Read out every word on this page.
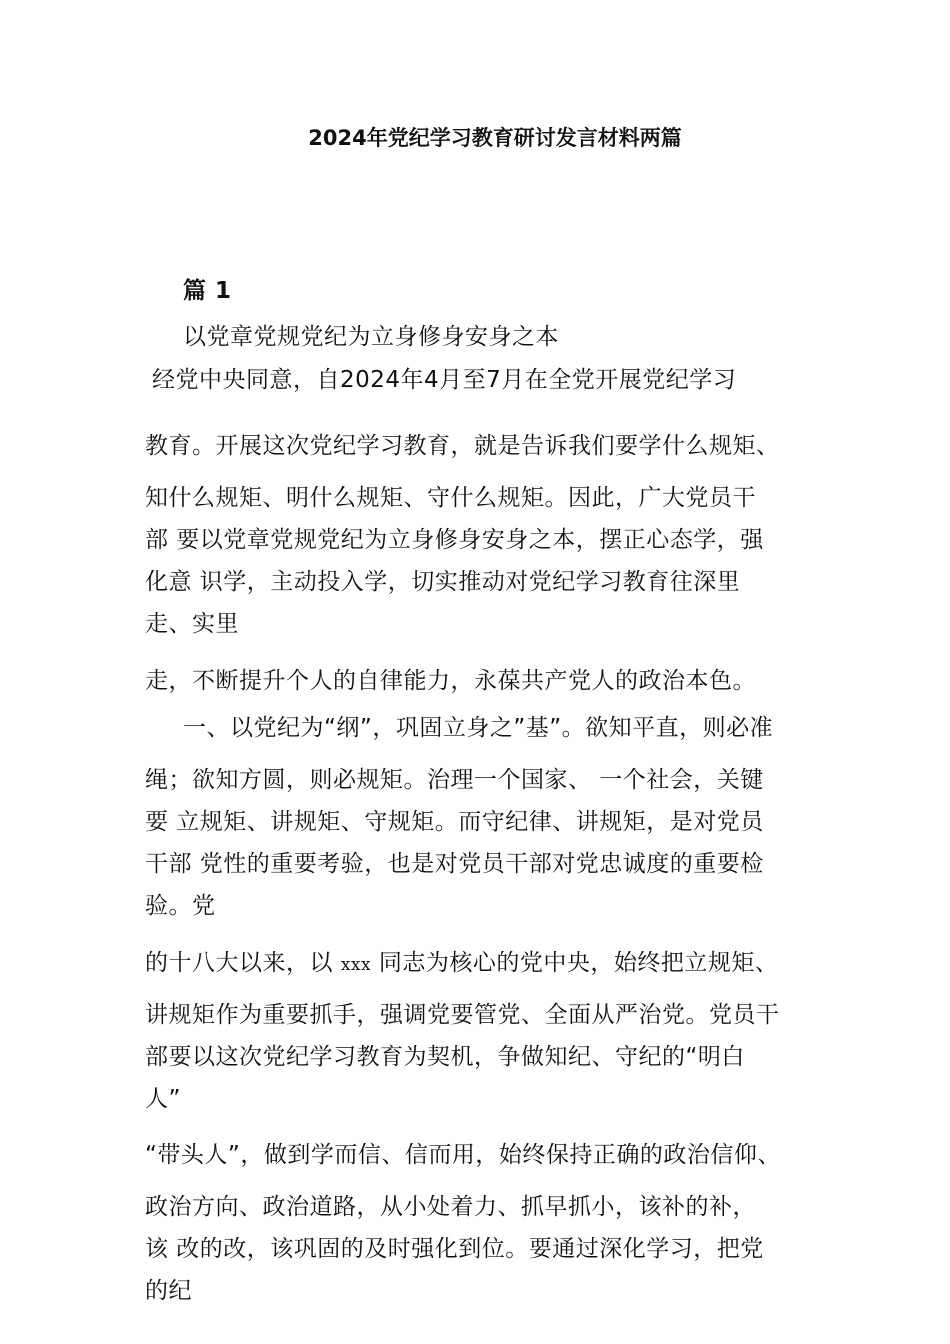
2024年党纪学习教育研讨发言材料两篇

篇 1

以党章党规党纪为立身修身安身之本

经党中央同意，自2024年4月至7月在全党开展党纪学习

教育。开展这次党纪学习教育，就是告诉我们要学什么规矩、

知什么规矩、明什么规矩、守什么规矩。因此，广大党员干

部 要以党章党规党纪为立身修身安身之本，摆正心态学，强

化意 识学，主动投入学，切实推动对党纪学习教育往深里

走、实里

走，不断提升个人的自律能力，永葆共产党人的政治本色。

一、以党纪为“纲”，巩固立身之”基”。欲知平直，则必准

绳；欲知方圆，则必规矩。治理一个国家、 一个社会，关键

要 立规矩、讲规矩、守规矩。而守纪律、讲规矩，是对党员

干部 党性的重要考验，也是对党员干部对党忠诚度的重要检

验。党

的十八大以来，以 xxx 同志为核心的党中央，始终把立规矩、

讲规矩作为重要抓手，强调党要管党、全面从严治党。党员干

部要以这次党纪学习教育为契机，争做知纪、守纪的“明白

人”

“带头人”，做到学而信、信而用，始终保持正确的政治信仰、

政治方向、政治道路，从小处着力、抓早抓小，该补的补，

该 改的改，该巩固的及时强化到位。要通过深化学习，把党

的纪
